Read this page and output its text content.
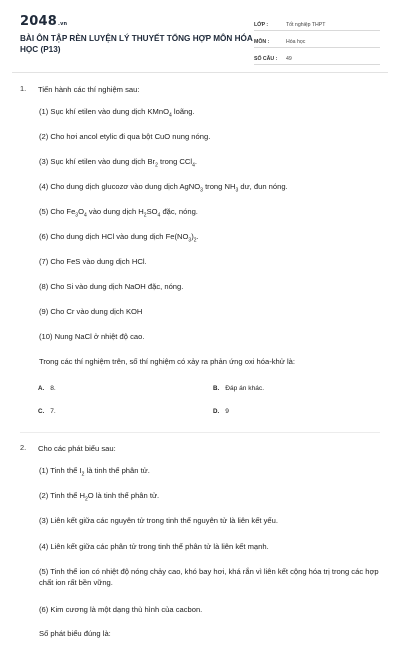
2048.vn
BÀI ÔN TẬP RÈN LUYỆN LÝ THUYẾT TỔNG HỢP MÔN HÓA HỌC (P13)
LỚP :	Tốt nghiệp THPT
MÔN :	Hóa học
SỐ CÂU :	49
1. Tiến hành các thí nghiệm sau:
(1) Sục khí etilen vào dung dịch KMnO$_4$ loãng.
(2) Cho hơi ancol etylic đi qua bột CuO nung nóng.
(3) Sục khí etilen vào dung dịch $Br_2$ trong CCl$_4$.
(4) Cho dung dịch glucozơ vào dung dịch AgNO$_3$ trong $NH_3$ dư, đun nóng.
(5) Cho $Fe_3O_4$ vào dung dịch $H_2SO_4$ đặc, nóng.
(6) Cho dung dịch HCl vào dung dịch $Fe(NO_3)_2$.
(7) Cho FeS vào dung dịch HCl.
(8) Cho Si vào dung dịch NaOH đặc, nóng.
(9) Cho Cr vào dung dịch KOH
(10) Nung NaCl ở nhiệt độ cao.
Trong các thí nghiệm trên, số thí nghiệm có xảy ra phản ứng oxi hóa-khử là:
A. 8.	B. Đáp án khác.
C. 7.	D. 9
2. Cho các phát biểu sau:
(1) Tinh thể $I_2$ là tinh thể phân tử.
(2) Tinh thể $H_2O$ là tinh thể phân tử.
(3) Liên kết giữa các nguyên tử trong tinh thể nguyên tử là liên kết yếu.
(4) Liên kết giữa các phân tử trong tinh thể phân tử là liên kết mạnh.
(5) Tinh thể ion có nhiệt độ nóng chảy cao, khó bay hơi, khá rắn vì liên kết cộng hóa trị trong các hợp chất ion rất bền vững.
(6) Kim cương là một dạng thù hình của cacbon.
Số phát biểu đúng là:
